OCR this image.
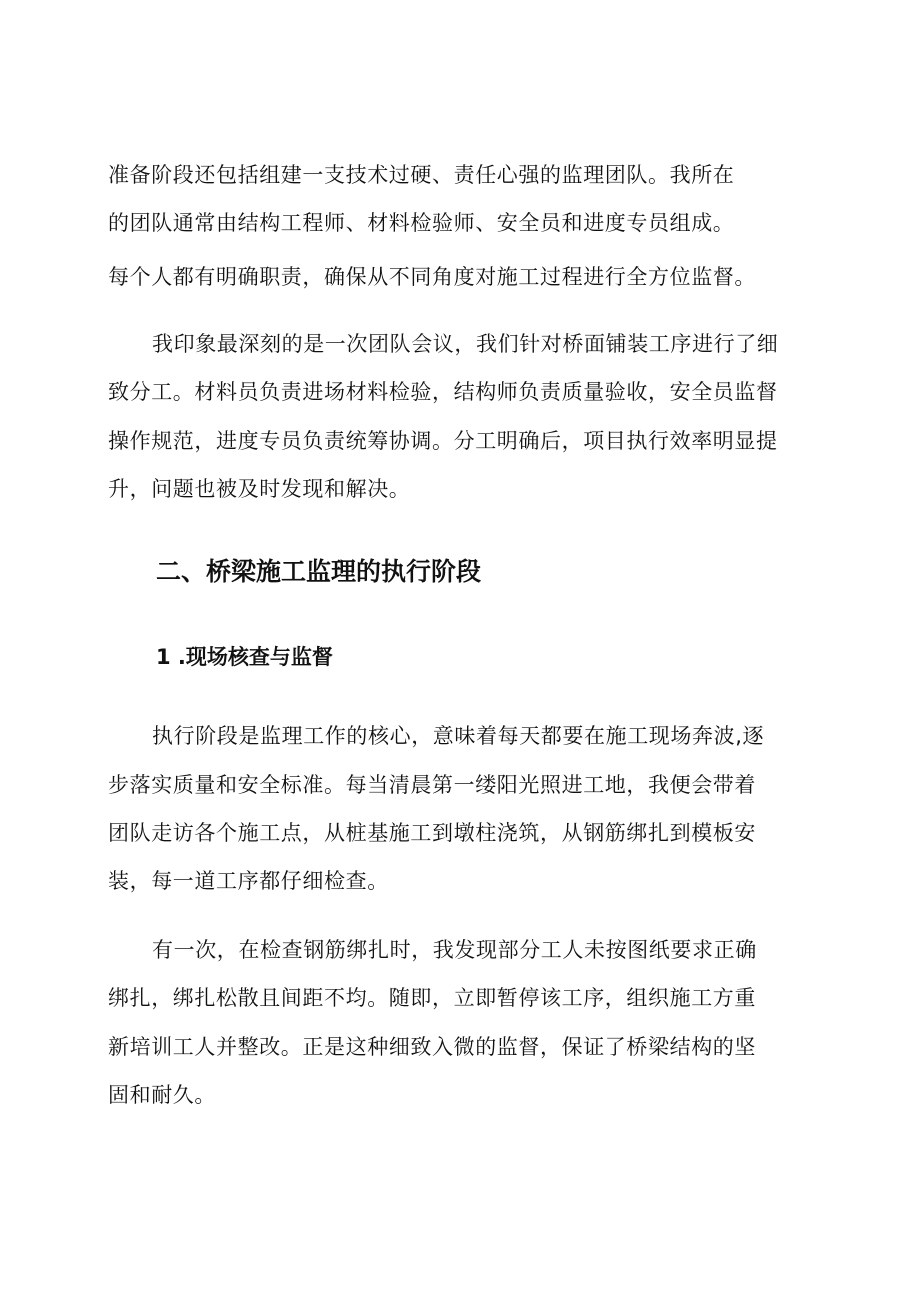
准备阶段还包括组建一支技术过硬、责任心强的监理团队。我所在
的团队通常由结构工程师、材料检验师、安全员和进度专员组成。
每个人都有明确职责，确保从不同角度对施工过程进行全方位监督。
我印象最深刻的是一次团队会议，我们针对桥面铺装工序进行了细
致分工。材料员负责进场材料检验，结构师负责质量验收，安全员监督
操作规范，进度专员负责统筹协调。分工明确后，项目执行效率明显提
升，问题也被及时发现和解决。
二、桥梁施工监理的执行阶段
1 .现场核查与监督
执行阶段是监理工作的核心，意味着每天都要在施工现场奔波,逐
步落实质量和安全标准。每当清晨第一缕阳光照进工地，我便会带着
团队走访各个施工点，从桩基施工到墩柱浇筑，从钢筋绑扎到模板安
装，每一道工序都仔细检查。
有一次，在检查钢筋绑扎时，我发现部分工人未按图纸要求正确
绑扎，绑扎松散且间距不均。随即，立即暂停该工序，组织施工方重
新培训工人并整改。正是这种细致入微的监督，保证了桥梁结构的坚
固和耐久。
